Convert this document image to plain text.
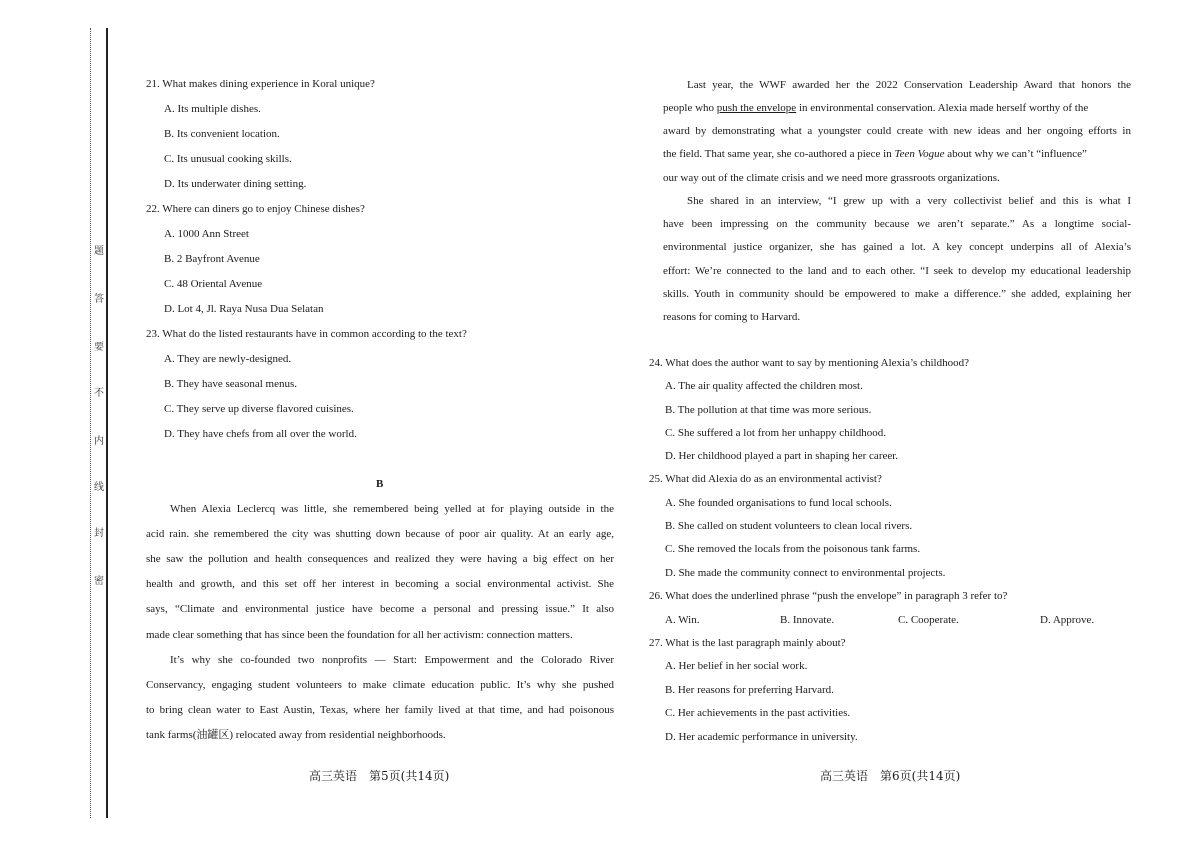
题
答
要
不
内
线
封
密
21. What makes dining experience in Koral unique?
A. Its multiple dishes.
B. Its convenient location.
C. Its unusual cooking skills.
D. Its underwater dining setting.
22. Where can diners go to enjoy Chinese dishes?
A. 1000 Ann Street
B. 2 Bayfront Avenue
C. 48 Oriental Avenue
D. Lot 4, Jl. Raya Nusa Dua Selatan
23. What do the listed restaurants have in common according to the text?
A. They are newly-designed.
B. They have seasonal menus.
C. They serve up diverse flavored cuisines.
D. They have chefs from all over the world.
B
When Alexia Leclercq was little, she remembered being yelled at for playing outside in the
acid rain. she remembered the city was shutting down because of poor air quality. At an early age,
she saw the pollution and health consequences and realized they were having a big effect on her
health and growth, and this set off her interest in becoming a social environmental activist. She
says, “Climate and environmental justice have become a personal and pressing issue.” It also
made clear something that has since been the foundation for all her activism: connection matters.
It’s why she co-founded two nonprofits — Start: Empowerment and the Colorado River
Conservancy, engaging student volunteers to make climate education public. It’s why she pushed
to bring clean water to East Austin, Texas, where her family lived at that time, and had poisonous
tank farms(油罐区) relocated away from residential neighborhoods.
高三英语　第5页(共14页)
Last year, the WWF awarded her the 2022 Conservation Leadership Award that honors the
people who push the envelope in environmental conservation. Alexia made herself worthy of the
award by demonstrating what a youngster could create with new ideas and her ongoing efforts in
the field. That same year, she co-authored a piece in Teen Vogue about why we can’t “influence”
our way out of the climate crisis and we need more grassroots organizations.
She shared in an interview, “I grew up with a very collectivist belief and this is what I
have been impressing on the community because we aren’t separate.” As a longtime social-
environmental justice organizer, she has gained a lot. A key concept underpins all of Alexia’s
effort: We’re connected to the land and to each other. “I seek to develop my educational leadership
skills. Youth in community should be empowered to make a difference.” she added, explaining her
reasons for coming to Harvard.
24. What does the author want to say by mentioning Alexia’s childhood?
A. The air quality affected the children most.
B. The pollution at that time was more serious.
C. She suffered a lot from her unhappy childhood.
D. Her childhood played a part in shaping her career.
25. What did Alexia do as an environmental activist?
A. She founded organisations to fund local schools.
B. She called on student volunteers to clean local rivers.
C. She removed the locals from the poisonous tank farms.
D. She made the community connect to environmental projects.
26. What does the underlined phrase “push the envelope” in paragraph 3 refer to?
A. Win.	B. Innovate.	C. Cooperate.	D. Approve.
27. What is the last paragraph mainly about?
A. Her belief in her social work.
B. Her reasons for preferring Harvard.
C. Her achievements in the past activities.
D. Her academic performance in university.
高三英语　第6页(共14页)
